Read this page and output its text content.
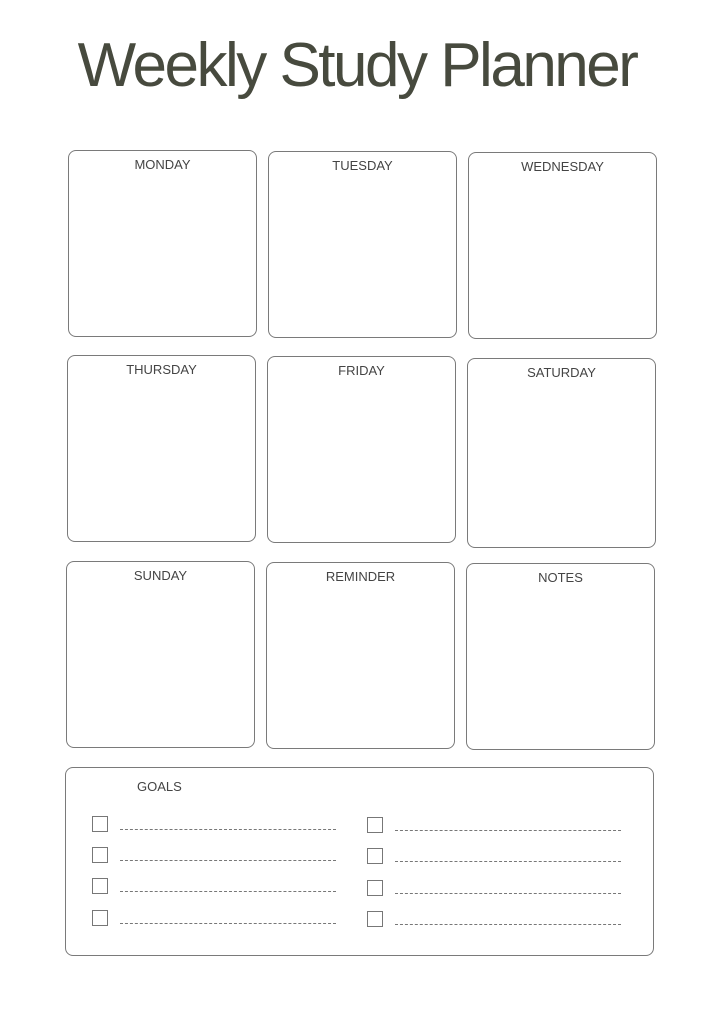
Weekly Study Planner
MONDAY	TUESDAY	WEDNESDAY
THURSDAY	FRIDAY	SATURDAY
SUNDAY	REMINDER	NOTES
GOALS
